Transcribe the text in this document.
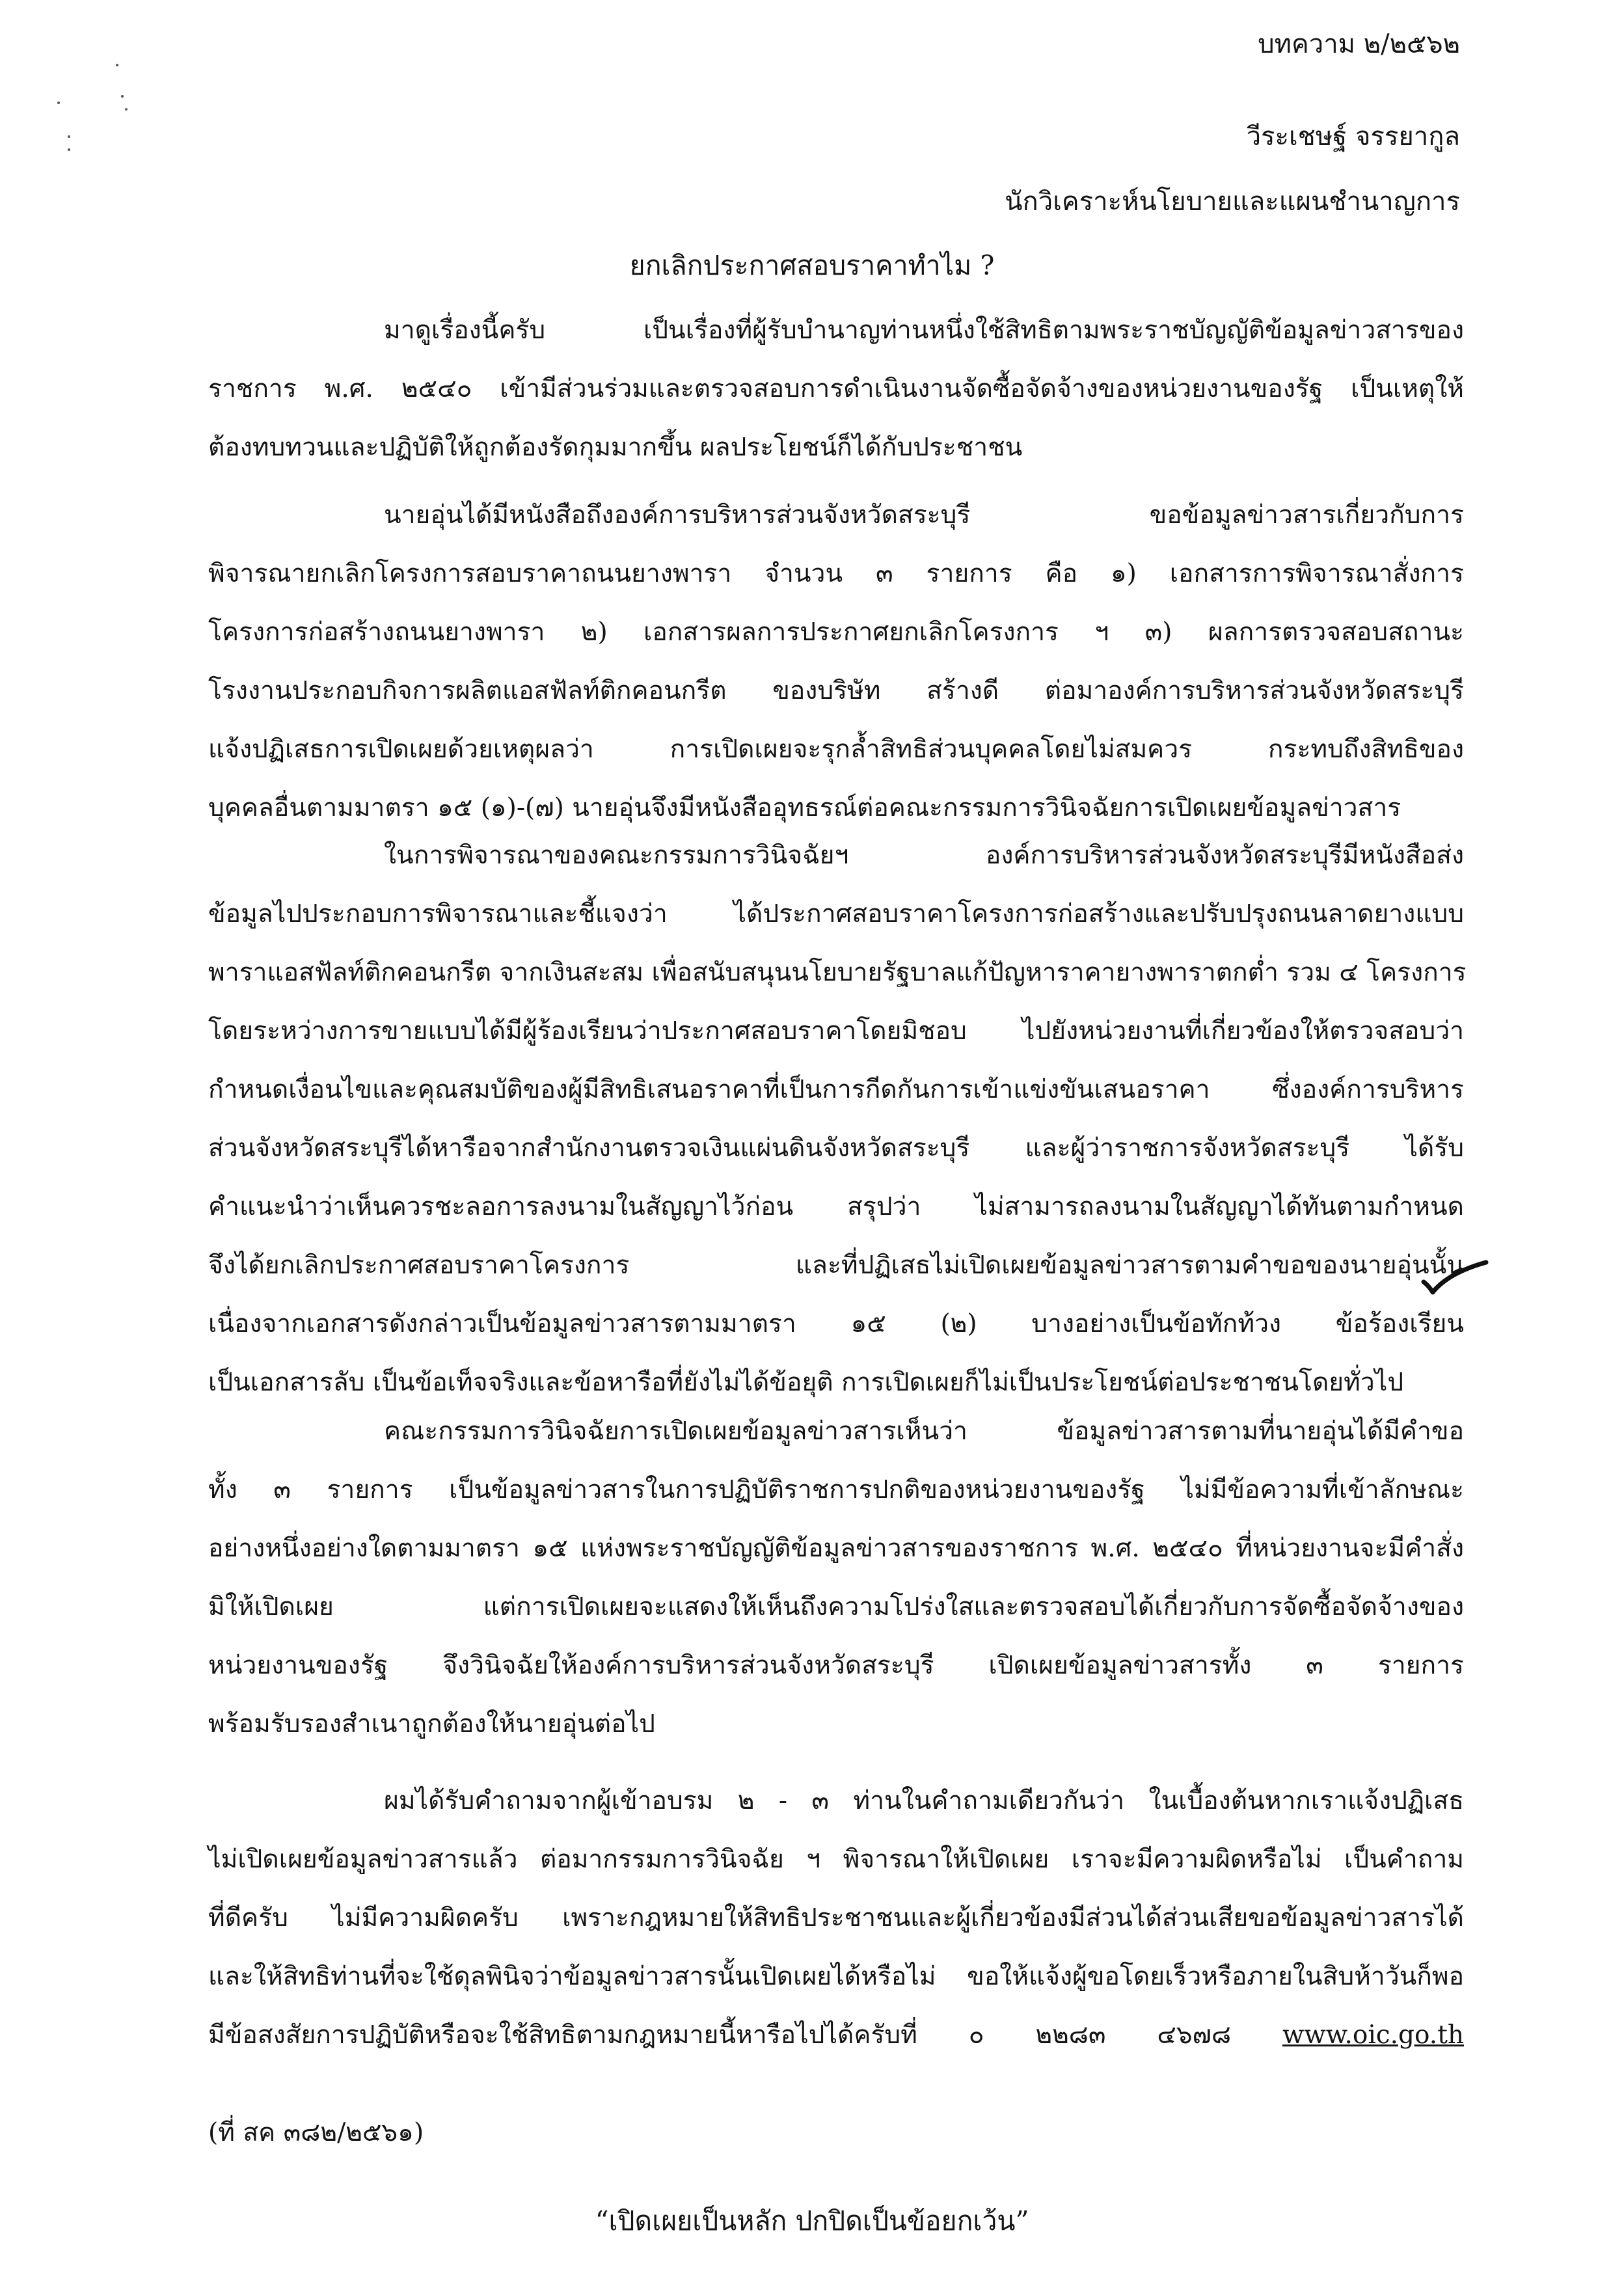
บทความ ๒/๒๕๖๒
วีระเชษฐ์ จรรยากูล
นักวิเคราะห์นโยบายและแผนชำนาญการ
ยกเลิกประกาศสอบราคาทำไม ?
มาดูเรื่องนี้ครับ เป็นเรื่องที่ผู้รับบำนาญท่านหนึ่งใช้สิทธิตามพระราชบัญญัติข้อมูลข่าวสารของ
ราชการ พ.ศ. ๒๕๔๐ เข้ามีส่วนร่วมและตรวจสอบการดำเนินงานจัดซื้อจัดจ้างของหน่วยงานของรัฐ เป็นเหตุให้
ต้องทบทวนและปฏิบัติให้ถูกต้องรัดกุมมากขึ้น ผลประโยชน์ก็ได้กับประชาชน
นายอุ่นได้มีหนังสือถึงองค์การบริหารส่วนจังหวัดสระบุรี ขอข้อมูลข่าวสารเกี่ยวกับการ
พิจารณายกเลิกโครงการสอบราคาถนนยางพารา จำนวน ๓ รายการ คือ ๑) เอกสารการพิจารณาสั่งการ
โครงการก่อสร้างถนนยางพารา ๒) เอกสารผลการประกาศยกเลิกโครงการ ฯ ๓) ผลการตรวจสอบสถานะ
โรงงานประกอบกิจการผลิตแอสฟัลท์ติกคอนกรีต ของบริษัท สร้างดี ต่อมาองค์การบริหารส่วนจังหวัดสระบุรี
แจ้งปฏิเสธการเปิดเผยด้วยเหตุผลว่า การเปิดเผยจะรุกล้ำสิทธิส่วนบุคคลโดยไม่สมควร กระทบถึงสิทธิของ
บุคคลอื่นตามมาตรา ๑๕ (๑)-(๗) นายอุ่นจึงมีหนังสืออุทธรณ์ต่อคณะกรรมการวินิจฉัยการเปิดเผยข้อมูลข่าวสาร
ในการพิจารณาของคณะกรรมการวินิจฉัยฯ องค์การบริหารส่วนจังหวัดสระบุรีมีหนังสือส่ง
ข้อมูลไปประกอบการพิจารณาและชี้แจงว่า ได้ประกาศสอบราคาโครงการก่อสร้างและปรับปรุงถนนลาดยางแบบ
พาราแอสฟัลท์ติกคอนกรีต จากเงินสะสม เพื่อสนับสนุนนโยบายรัฐบาลแก้ปัญหาราคายางพาราตกต่ำ รวม ๔ โครงการ
โดยระหว่างการขายแบบได้มีผู้ร้องเรียนว่าประกาศสอบราคาโดยมิชอบ ไปยังหน่วยงานที่เกี่ยวข้องให้ตรวจสอบว่า
กำหนดเงื่อนไขและคุณสมบัติของผู้มีสิทธิเสนอราคาที่เป็นการกีดกันการเข้าแข่งขันเสนอราคา ซึ่งองค์การบริหาร
ส่วนจังหวัดสระบุรีได้หารือจากสำนักงานตรวจเงินแผ่นดินจังหวัดสระบุรี และผู้ว่าราชการจังหวัดสระบุรี ได้รับ
คำแนะนำว่าเห็นควรชะลอการลงนามในสัญญาไว้ก่อน สรุปว่า ไม่สามารถลงนามในสัญญาได้ทันตามกำหนด
จึงได้ยกเลิกประกาศสอบราคาโครงการ และที่ปฏิเสธไม่เปิดเผยข้อมูลข่าวสารตามคำขอของนายอุ่นนั้น
เนื่องจากเอกสารดังกล่าวเป็นข้อมูลข่าวสารตามมาตรา ๑๕ (๒) บางอย่างเป็นข้อทักท้วง ข้อร้องเรียน
เป็นเอกสารลับ เป็นข้อเท็จจริงและข้อหารือที่ยังไม่ได้ข้อยุติ การเปิดเผยก็ไม่เป็นประโยชน์ต่อประชาชนโดยทั่วไป
คณะกรรมการวินิจฉัยการเปิดเผยข้อมูลข่าวสารเห็นว่า ข้อมูลข่าวสารตามที่นายอุ่นได้มีคำขอ
ทั้ง ๓ รายการ เป็นข้อมูลข่าวสารในการปฏิบัติราชการปกติของหน่วยงานของรัฐ ไม่มีข้อความที่เข้าลักษณะ
อย่างหนึ่งอย่างใดตามมาตรา ๑๕ แห่งพระราชบัญญัติข้อมูลข่าวสารของราชการ พ.ศ. ๒๕๔๐ ที่หน่วยงานจะมีคำสั่ง
มิให้เปิดเผย แต่การเปิดเผยจะแสดงให้เห็นถึงความโปร่งใสและตรวจสอบได้เกี่ยวกับการจัดซื้อจัดจ้างของ
หน่วยงานของรัฐ จึงวินิจฉัยให้องค์การบริหารส่วนจังหวัดสระบุรี เปิดเผยข้อมูลข่าวสารทั้ง ๓ รายการ
พร้อมรับรองสำเนาถูกต้องให้นายอุ่นต่อไป
ผมได้รับคำถามจากผู้เข้าอบรม ๒ - ๓ ท่านในคำถามเดียวกันว่า ในเบื้องต้นหากเราแจ้งปฏิเสธ
ไม่เปิดเผยข้อมูลข่าวสารแล้ว ต่อมากรรมการวินิจฉัย ฯ พิจารณาให้เปิดเผย เราจะมีความผิดหรือไม่ เป็นคำถาม
ที่ดีครับ ไม่มีความผิดครับ เพราะกฎหมายให้สิทธิประชาชนและผู้เกี่ยวข้องมีส่วนได้ส่วนเสียขอข้อมูลข่าวสารได้
และให้สิทธิท่านที่จะใช้ดุลพินิจว่าข้อมูลข่าวสารนั้นเปิดเผยได้หรือไม่ ขอให้แจ้งผู้ขอโดยเร็วหรือภายในสิบห้าวันก็พอ
มีข้อสงสัยการปฏิบัติหรือจะใช้สิทธิตามกฎหมายนี้หารือไปได้ครับที่ ๐ ๒๒๘๓ ๔๖๗๘ www.oic.go.th
(ที่ สค ๓๘๒/๒๕๖๑)
“เปิดเผยเป็นหลัก ปกปิดเป็นข้อยกเว้น”
